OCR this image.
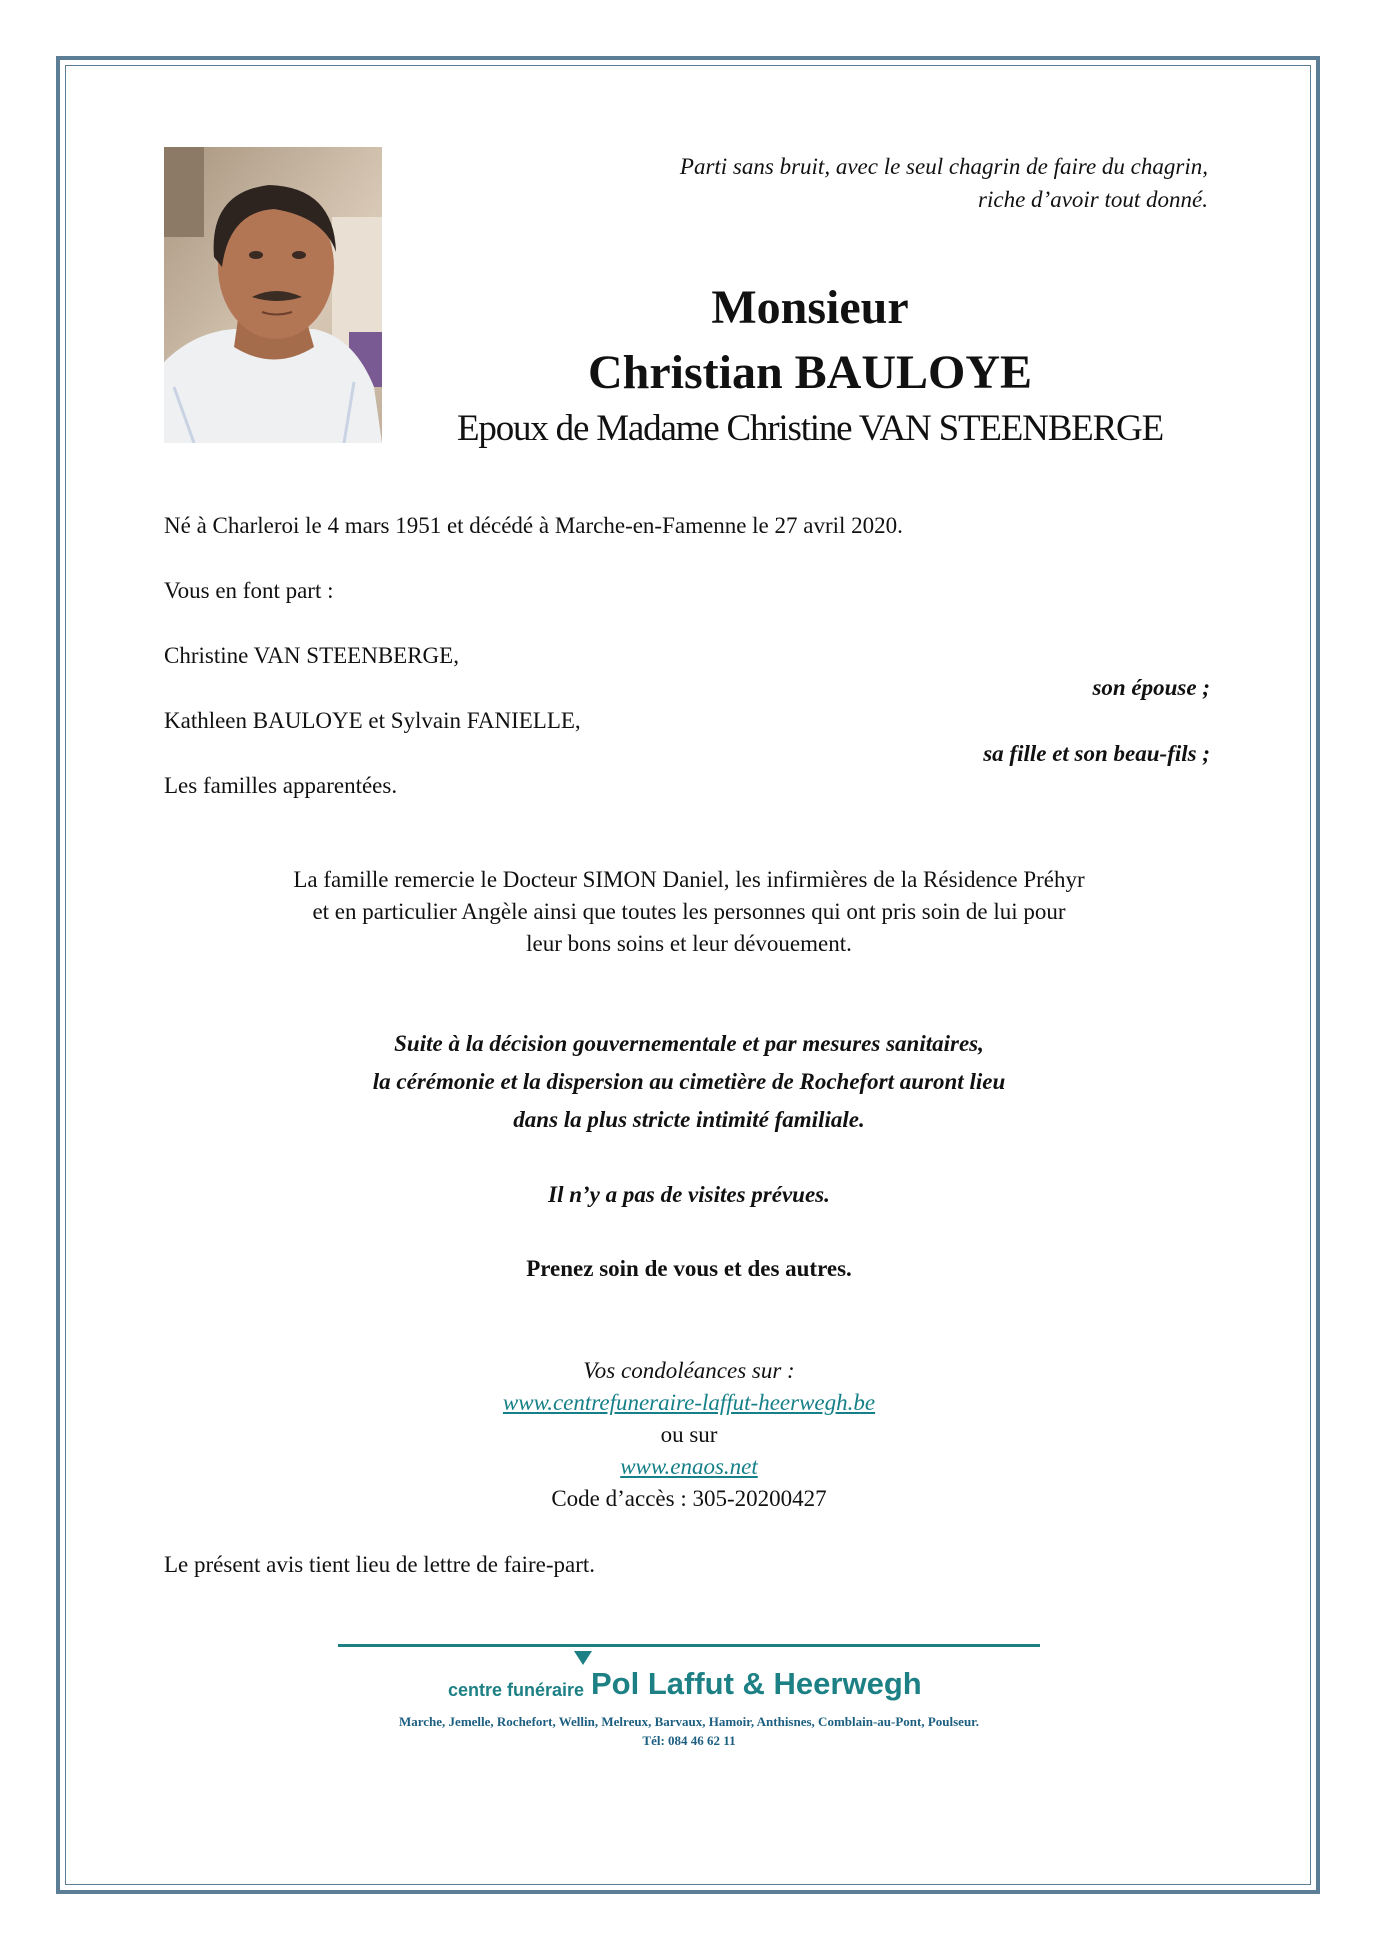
Parti sans bruit, avec le seul chagrin de faire du chagrin,
riche d’avoir tout donné.
Monsieur
Christian BAULOYE
Epoux de Madame Christine VAN STEENBERGE
Né à Charleroi le 4 mars 1951 et décédé à Marche-en-Famenne le 27 avril 2020.
Vous en font part :
Christine VAN STEENBERGE,
son épouse ;
Kathleen BAULOYE et Sylvain FANIELLE,
sa fille et son beau-fils ;
Les familles apparentées.
La famille remercie le Docteur SIMON Daniel, les infirmières de la Résidence Préhyr
et en particulier Angèle ainsi que toutes les personnes qui ont pris soin de lui pour
leur bons soins et leur dévouement.
Suite à la décision gouvernementale et par mesures sanitaires,
la cérémonie et la dispersion au cimetière de Rochefort auront lieu
dans la plus stricte intimité familiale.
Il n’y a pas de visites prévues.
Prenez soin de vous et des autres.
Vos condoléances sur :
www.centrefuneraire-laffut-heerwegh.be
ou sur
www.enaos.net
Code d’accès : 305-20200427
Le présent avis tient lieu de lettre de faire-part.
centre funéraire Pol Laffut & Heerwegh
Marche, Jemelle, Rochefort, Wellin, Melreux, Barvaux, Hamoir, Anthisnes, Comblain-au-Pont, Poulseur.
Tél: 084 46 62 11
